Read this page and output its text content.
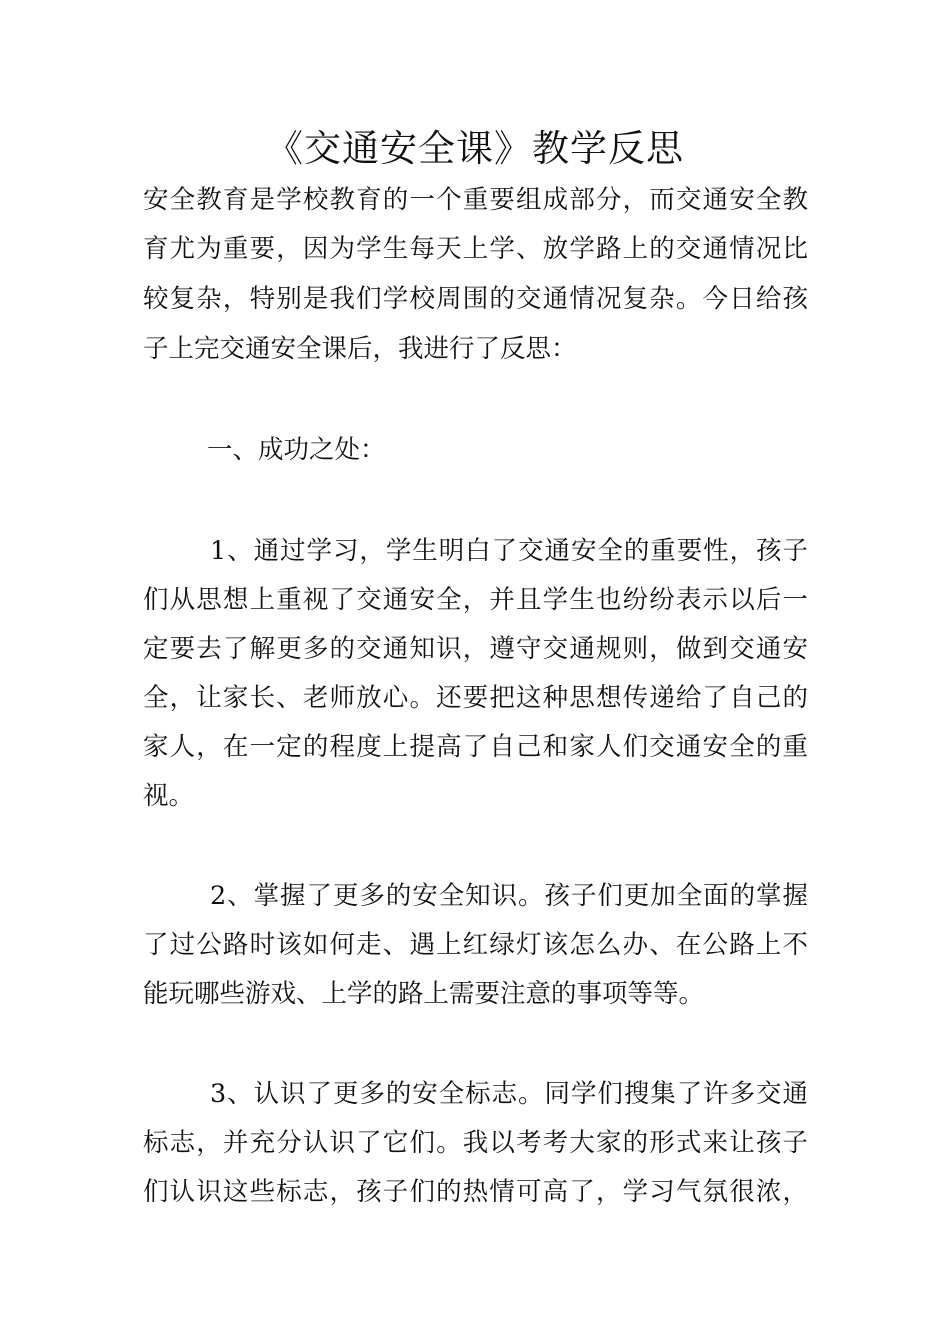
《交通安全课》教学反思
安全教育是学校教育的一个重要组成部分，而交通安全教
育尤为重要，因为学生每天上学、放学路上的交通情况比
较复杂，特别是我们学校周围的交通情况复杂。今日给孩
子上完交通安全课后，我进行了反思：
一、成功之处：
1、通过学习，学生明白了交通安全的重要性，孩子
们从思想上重视了交通安全，并且学生也纷纷表示以后一
定要去了解更多的交通知识，遵守交通规则，做到交通安
全，让家长、老师放心。还要把这种思想传递给了自己的
家人，在一定的程度上提高了自己和家人们交通安全的重
视。
2、掌握了更多的安全知识。孩子们更加全面的掌握
了过公路时该如何走、遇上红绿灯该怎么办、在公路上不
能玩哪些游戏、上学的路上需要注意的事项等等。
3、认识了更多的安全标志。同学们搜集了许多交通
标志，并充分认识了它们。我以考考大家的形式来让孩子
们认识这些标志，孩子们的热情可高了，学习气氛很浓，
